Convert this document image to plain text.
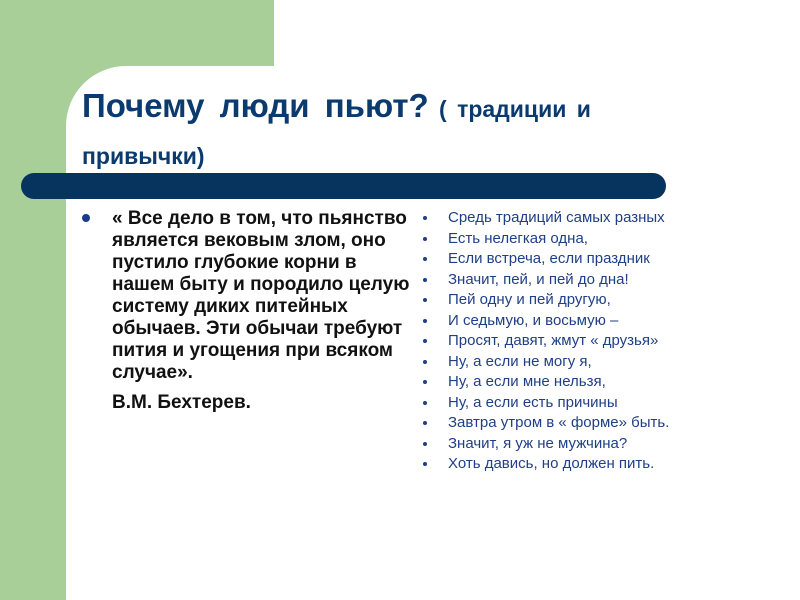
Почему люди пьют? ( традиции и
привычки)
« Все дело в том, что пьянство является вековым злом, оно пустило глубокие корни в нашем быту и породило целую систему диких питейных обычаев. Эти обычаи требуют пития и угощения при всяком случае».
В.М. Бехтерев.
Средь традиций самых разных
Есть нелегкая одна,
Если встреча, если праздник
Значит, пей, и пей до дна!
Пей одну и пей другую,
И седьмую, и восьмую –
Просят, давят, жмут « друзья»
Ну, а если не могу я,
Ну, а если мне нельзя,
Ну, а если есть причины
Завтра утром в « форме» быть.
Значит, я уж не мужчина?
Хоть давись, но должен пить.
